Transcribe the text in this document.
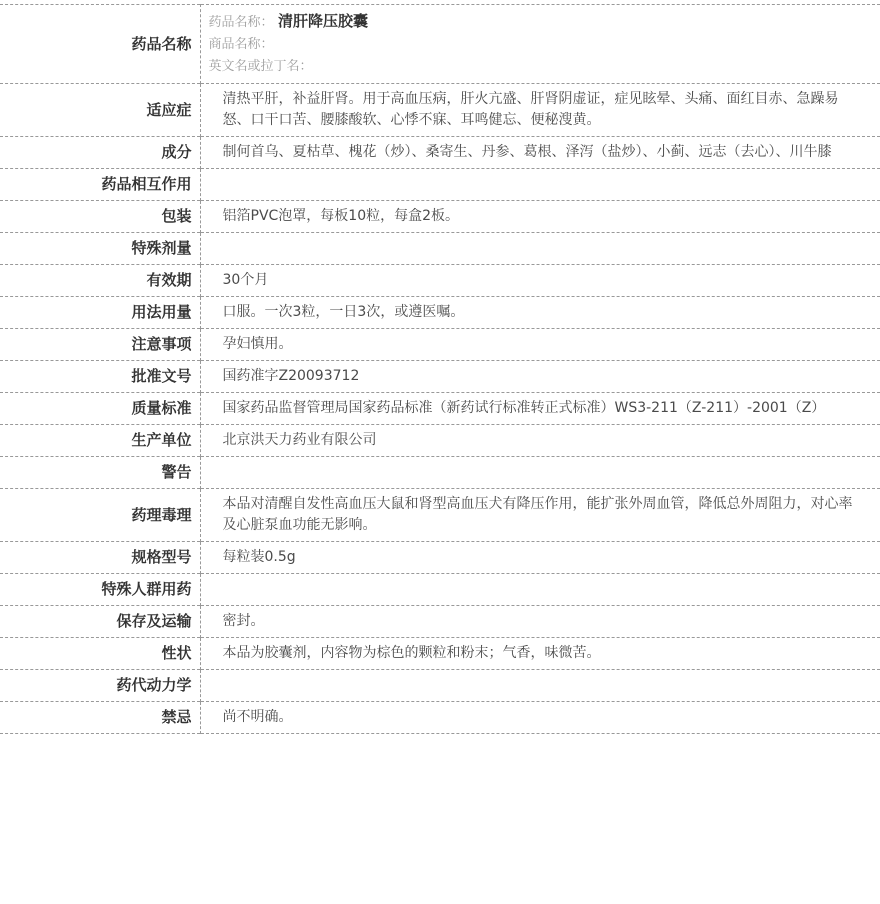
药品名称	药品名称： 清肝降压胶囊
商品名称：
英文名或拉丁名：

适应症	清热平肝，补益肝肾。用于高血压病，肝火亢盛、肝肾阴虚证，症见眩晕、头痛、面红目赤、急躁易怒、口干口苦、腰膝酸软、心悸不寐、耳鸣健忘、便秘溲黄。
成分	制何首乌、夏枯草、槐花（炒）、桑寄生、丹参、葛根、泽泻（盐炒）、小蓟、远志（去心）、川牛膝
药品相互作用	
包装	铝箔PVC泡罩，每板10粒，每盒2板。
特殊剂量	
有效期	30个月
用法用量	口服。一次3粒，一日3次，或遵医嘱。
注意事项	孕妇慎用。
批准文号	国药准字Z20093712
质量标准	国家药品监督管理局国家药品标准（新药试行标准转正式标准）WS3-211（Z-211）-2001（Z）
生产单位	北京洪天力药业有限公司
警告	
药理毒理	本品对清醒自发性高血压大鼠和肾型高血压犬有降压作用，能扩张外周血管，降低总外周阻力，对心率及心脏泵血功能无影响。
规格型号	每粒装0.5g
特殊人群用药	
保存及运输	密封。
性状	本品为胶囊剂，内容物为棕色的颗粒和粉末；气香，味微苦。
药代动力学	
禁忌	尚不明确。
